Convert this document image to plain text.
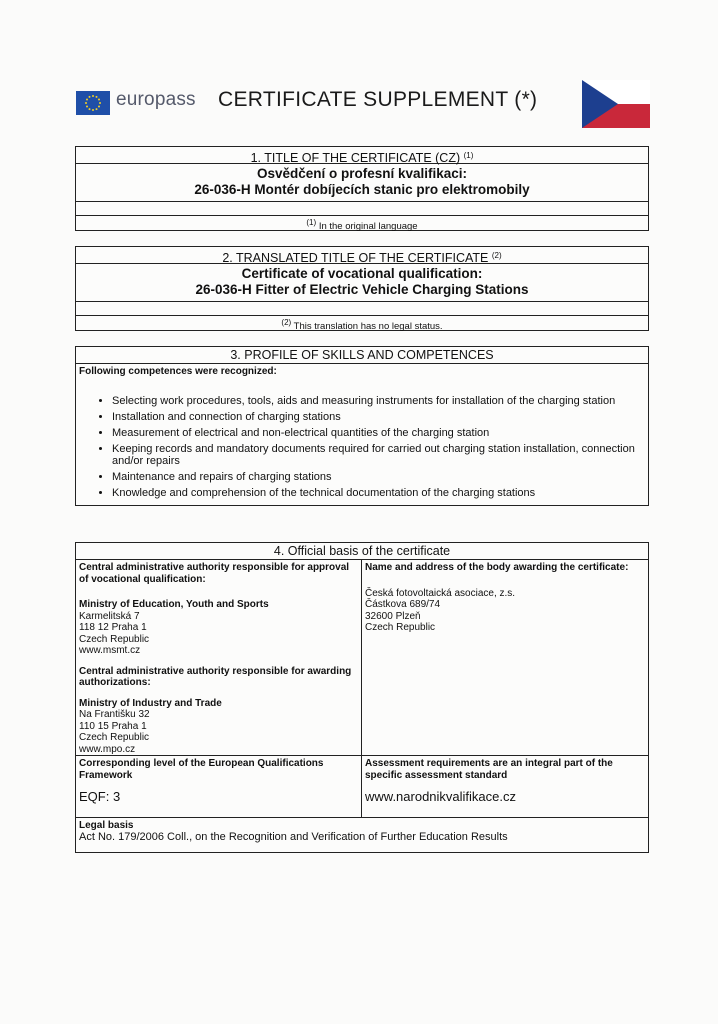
europass CERTIFICATE SUPPLEMENT (*)
1. TITLE OF THE CERTIFICATE (CZ) $^{(1)}$
Osvědčení o profesní kvalifikaci:
26-036-H Montér dobíjecích stanic pro elektromobily
$^{(1)}$ In the original language
2. TRANSLATED TITLE OF THE CERTIFICATE $^{(2)}$
Certificate of vocational qualification:
26-036-H Fitter of Electric Vehicle Charging Stations
$^{(2)}$ This translation has no legal status.
3. PROFILE OF SKILLS AND COMPETENCES
Following competences were recognized:
• Selecting work procedures, tools, aids and measuring instruments for installation of the charging station
• Installation and connection of charging stations
• Measurement of electrical and non-electrical quantities of the charging station
• Keeping records and mandatory documents required for carried out charging station installation, connection and/or repairs
• Maintenance and repairs of charging stations
• Knowledge and comprehension of the technical documentation of the charging stations
4. Official basis of the certificate
Central administrative authority responsible for approval of vocational qualification:
Ministry of Education, Youth and Sports
Karmelitská 7
118 12 Praha 1
Czech Republic
www.msmt.cz
Central administrative authority responsible for awarding authorizations:
Ministry of Industry and Trade
Na Františku 32
110 15 Praha 1
Czech Republic
www.mpo.cz
Name and address of the body awarding the certificate:
Česká fotovoltaická asociace, z.s.
Částkova 689/74
32600 Plzeň
Czech Republic
Corresponding level of the European Qualifications Framework
EQF: 3
Assessment requirements are an integral part of the specific assessment standard
www.narodnikvalifikace.cz
Legal basis
Act No. 179/2006 Coll., on the Recognition and Verification of Further Education Results
